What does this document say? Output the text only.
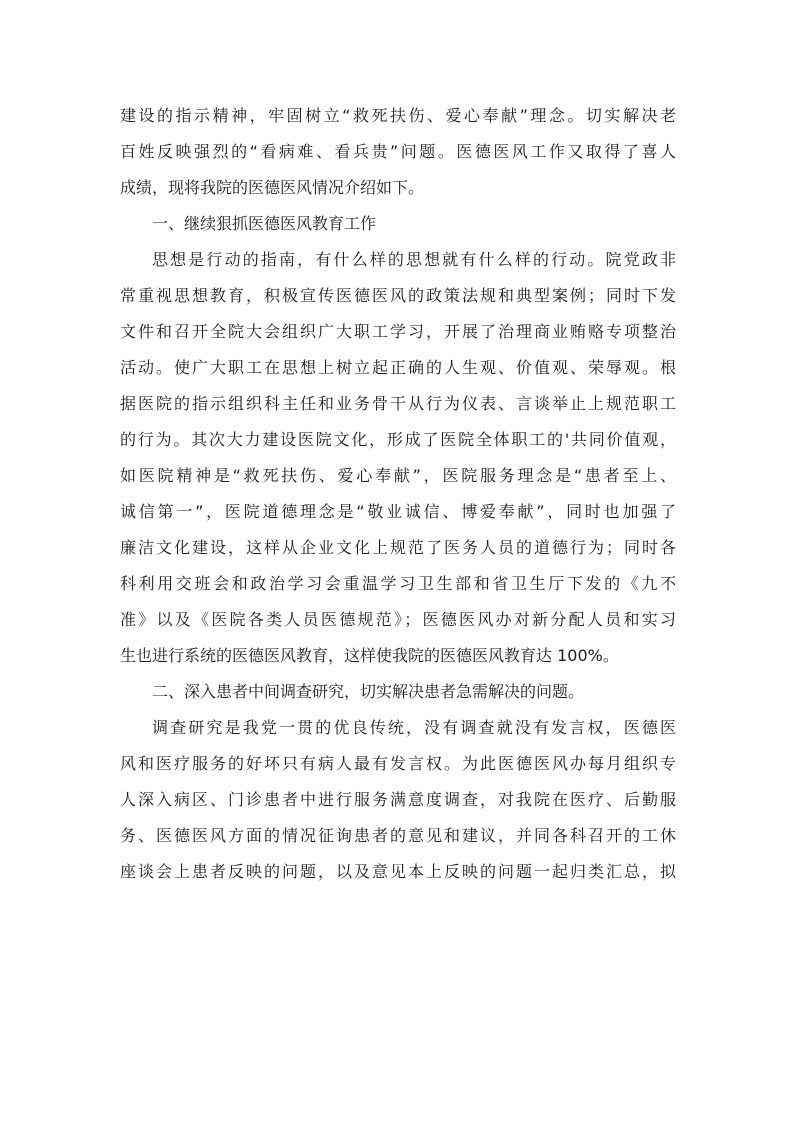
建设的指示精神，牢固树立“救死扶伤、爱心奉献”理念。切实解决老

百姓反映强烈的“看病难、看兵贵”问题。医德医风工作又取得了喜人

成绩，现将我院的医德医风情况介绍如下。

一、继续狠抓医德医风教育工作

思想是行动的指南，有什么样的思想就有什么样的行动。院党政非

常重视思想教育，积极宣传医德医风的政策法规和典型案例；同时下发

文件和召开全院大会组织广大职工学习，开展了治理商业贿赂专项整治

活动。使广大职工在思想上树立起正确的人生观、价值观、荣辱观。根

据医院的指示组织科主任和业务骨干从行为仪表、言谈举止上规范职工

的行为。其次大力建设医院文化，形成了医院全体职工的'共同价值观，

如医院精神是“救死扶伤、爱心奉献”，医院服务理念是“患者至上、

诚信第一”，医院道德理念是“敬业诚信、博爱奉献”，同时也加强了

廉洁文化建设，这样从企业文化上规范了医务人员的道德行为；同时各

科利用交班会和政治学习会重温学习卫生部和省卫生厅下发的《九不

准》以及《医院各类人员医德规范》；医德医风办对新分配人员和实习

生也进行系统的医德医风教育，这样使我院的医德医风教育达 100%。

二、深入患者中间调查研究，切实解决患者急需解决的问题。

调查研究是我党一贯的优良传统，没有调查就没有发言权，医德医

风和医疗服务的好坏只有病人最有发言权。为此医德医风办每月组织专

人深入病区、门诊患者中进行服务满意度调查，对我院在医疗、后勤服

务、医德医风方面的情况征询患者的意见和建议，并同各科召开的工休

座谈会上患者反映的问题，以及意见本上反映的问题一起归类汇总，拟
